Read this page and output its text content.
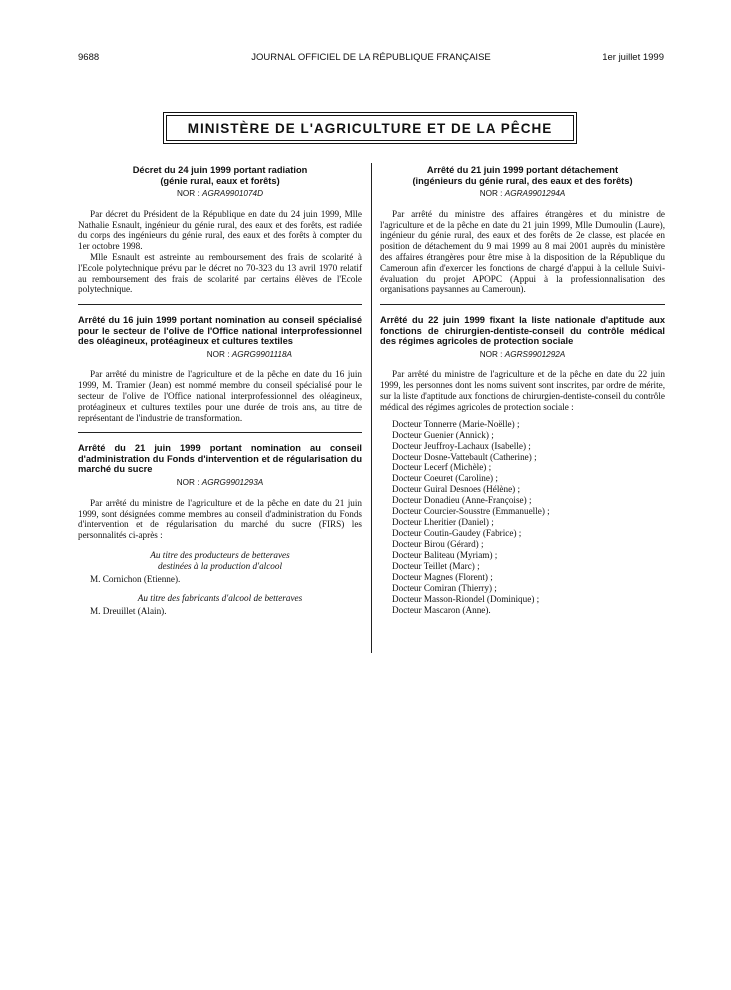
9688	JOURNAL OFFICIEL DE LA RÉPUBLIQUE FRANÇAISE	1er juillet 1999
MINISTÈRE DE L'AGRICULTURE ET DE LA PÊCHE
Décret du 24 juin 1999 portant radiation
(génie rural, eaux et forêts)
NOR : AGRA9901074D

Par décret du Président de la République en date du 24 juin 1999, Mlle Nathalie Esnault, ingénieur du génie rural, des eaux et des forêts, est radiée du corps des ingénieurs du génie rural, des eaux et des forêts à compter du 1er octobre 1998.

Mlle Esnault est astreinte au remboursement des frais de scolarité à l'Ecole polytechnique prévu par le décret no 70-323 du 13 avril 1970 relatif au remboursement des frais de scolarité par certains élèves de l'Ecole polytechnique.

Arrêté du 16 juin 1999 portant nomination au conseil spécialisé pour le secteur de l'olive de l'Office national interprofessionnel des oléagineux, protéagineux et cultures textiles
NOR : AGRG9901118A

Par arrêté du ministre de l'agriculture et de la pêche en date du 16 juin 1999, M. Tramier (Jean) est nommé membre du conseil spécialisé pour le secteur de l'olive de l'Office national interprofessionnel des oléagineux, protéagineux et cultures textiles pour une durée de trois ans, au titre de représentant de l'industrie de transformation.

Arrêté du 21 juin 1999 portant nomination au conseil d'administration du Fonds d'intervention et de régularisation du marché du sucre
NOR : AGRG9901293A

Par arrêté du ministre de l'agriculture et de la pêche en date du 21 juin 1999, sont désignées comme membres au conseil d'administration du Fonds d'intervention et de régularisation du marché du sucre (FIRS) les personnalités ci-après :

Au titre des producteurs de betteraves
destinées à la production d'alcool
M. Cornichon (Etienne).
Au titre des fabricants d'alcool de betteraves
M. Dreuillet (Alain).
Arrêté du 21 juin 1999 portant détachement
(ingénieurs du génie rural, des eaux et des forêts)
NOR : AGRA9901294A

Par arrêté du ministre des affaires étrangères et du ministre de l'agriculture et de la pêche en date du 21 juin 1999, Mlle Dumoulin (Laure), ingénieur du génie rural, des eaux et des forêts de 2e classe, est placée en position de détachement du 9 mai 1999 au 8 mai 2001 auprès du ministère des affaires étrangères pour être mise à la disposition de la République du Cameroun afin d'exercer les fonctions de chargé d'appui à la cellule Suivi-évaluation du projet APOPC (Appui à la professionnalisation des organisations paysannes au Cameroun).

Arrêté du 22 juin 1999 fixant la liste nationale d'aptitude aux fonctions de chirurgien-dentiste-conseil du contrôle médical des régimes agricoles de protection sociale
NOR : AGRS9901292A

Par arrêté du ministre de l'agriculture et de la pêche en date du 22 juin 1999, les personnes dont les noms suivent sont inscrites, par ordre de mérite, sur la liste d'aptitude aux fonctions de chirurgien-dentiste-conseil du contrôle médical des régimes agricoles de protection sociale :

Docteur Tonnerre (Marie-Noëlle) ;
Docteur Guenier (Annick) ;
Docteur Jeuffroy-Lachaux (Isabelle) ;
Docteur Dosne-Vattebault (Catherine) ;
Docteur Lecerf (Michèle) ;
Docteur Coeuret (Caroline) ;
Docteur Guiral Desnoes (Hélène) ;
Docteur Donadieu (Anne-Françoise) ;
Docteur Courcier-Sousstre (Emmanuelle) ;
Docteur Lheritier (Daniel) ;
Docteur Coutin-Gaudey (Fabrice) ;
Docteur Birou (Gérard) ;
Docteur Baliteau (Myriam) ;
Docteur Teillet (Marc) ;
Docteur Magnes (Florent) ;
Docteur Comiran (Thierry) ;
Docteur Masson-Riondel (Dominique) ;
Docteur Mascaron (Anne).
